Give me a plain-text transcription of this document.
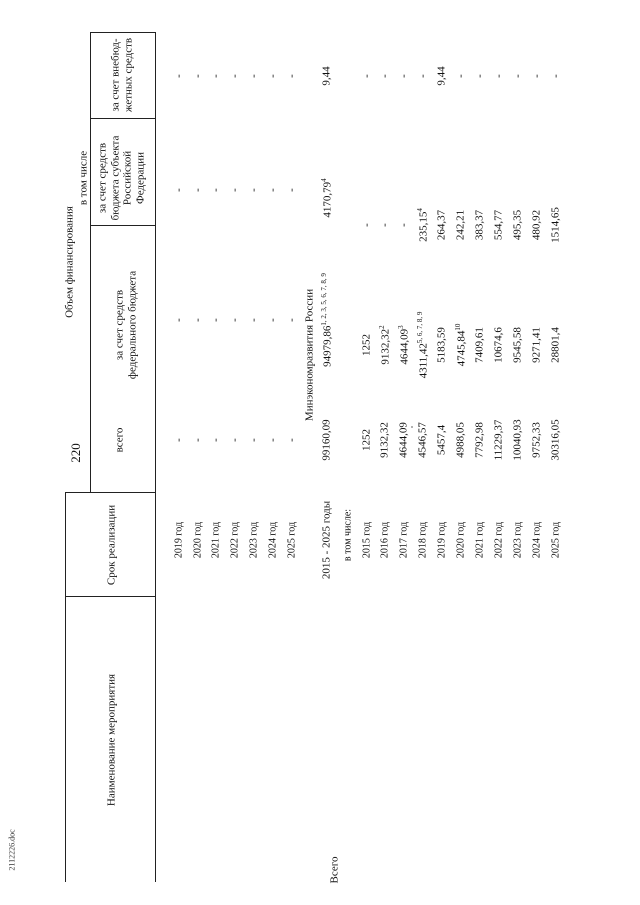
220
2112226.doc
Наименование мероприятия
Срок реализации
всего
Объем финансирования
в том числе
за счет средств федерального бюджета
за счет средств бюджета субъекта Российской Федерации
за счет внебюд-жетных средств
2019 год
-
-
-
-
2020 год
-
-
-
-
2021 год
-
-
-
-
2022 год
-
-
-
-
2023 год
-
-
-
-
2024 год
-
-
-
-
2025 год
-
-
-
-
Минэкономразвития России
Всего
2015 - 2025 годы
99160,09
94979,86$^{1, 2, 3, 5, 6, 7, 8, 9}$
4170,79$^4$
9,44
в том числе: 2015 год
1252
1252
-
-
2016 год
9132,32
9132,32$^2$
-
-
2017 год
4644,09
4644,09$^3$
-
-
2018 год
4546,57
4311,42$^{5, 6, 7, 8, 9}$
235,15$^4$
-
2019 год
5457,4
5183,59
264,37
9,44
2020 год
4988,05
4745,84$^{10}$
242,21
-
2021 год
7792,98
7409,61
383,37
-
2022 год
11229,37
10674,6
554,77
-
2023 год
10040,93
9545,58
495,35
-
2024 год
9752,33
9271,41
480,92
-
2025 год
30316,05
28801,4
1514,65
-
